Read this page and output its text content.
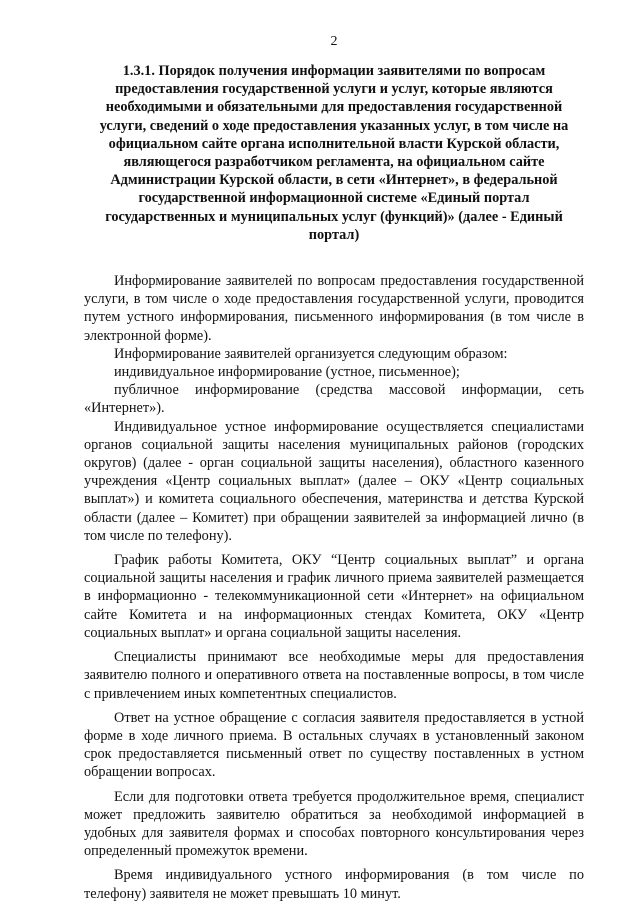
2
1.3.1. Порядок получения информации заявителями по вопросам предоставления государственной услуги и услуг, которые являются необходимыми и обязательными для предоставления государственной услуги, сведений о ходе предоставления указанных услуг, в том числе на официальном сайте органа исполнительной власти Курской области, являющегося разработчиком регламента, на официальном сайте Администрации Курской области, в сети «Интернет», в федеральной государственной информационной системе «Единый портал государственных и муниципальных услуг (функций)» (далее - Единый портал)

Информирование заявителей по вопросам предоставления государственной услуги, в том числе о ходе предоставления государственной услуги, проводится путем устного информирования, письменного информирования (в том числе в электронной форме).

Информирование заявителей организуется следующим образом:

индивидуальное информирование (устное, письменное);

публичное информирование (средства массовой информации, сеть «Интернет»).

Индивидуальное устное информирование осуществляется специалистами органов социальной защиты населения муниципальных районов (городских округов) (далее - орган социальной защиты населения), областного казенного учреждения «Центр социальных выплат» (далее – ОКУ «Центр социальных выплат») и комитета социального обеспечения, материнства и детства Курской области (далее – Комитет) при обращении заявителей за информацией лично (в том числе по телефону).

График работы Комитета, ОКУ “Центр социальных выплат” и органа социальной защиты населения и график личного приема заявителей размещается в информационно - телекоммуникационной сети «Интернет» на официальном сайте Комитета и на информационных стендах Комитета, ОКУ «Центр социальных выплат» и органа социальной защиты населения.

Специалисты принимают все необходимые меры для предоставления заявителю полного и оперативного ответа на поставленные вопросы, в том числе с привлечением иных компетентных специалистов.

Ответ на устное обращение с согласия заявителя предоставляется в устной форме в ходе личного приема. В остальных случаях в установленный законом срок предоставляется письменный ответ по существу поставленных в устном обращении вопросах.

Если для подготовки ответа требуется продолжительное время, специалист может предложить заявителю обратиться за необходимой информацией в удобных для заявителя формах и способах повторного консультирования через определенный промежуток времени.

Время индивидуального устного информирования (в том числе по телефону) заявителя не может превышать 10 минут.
